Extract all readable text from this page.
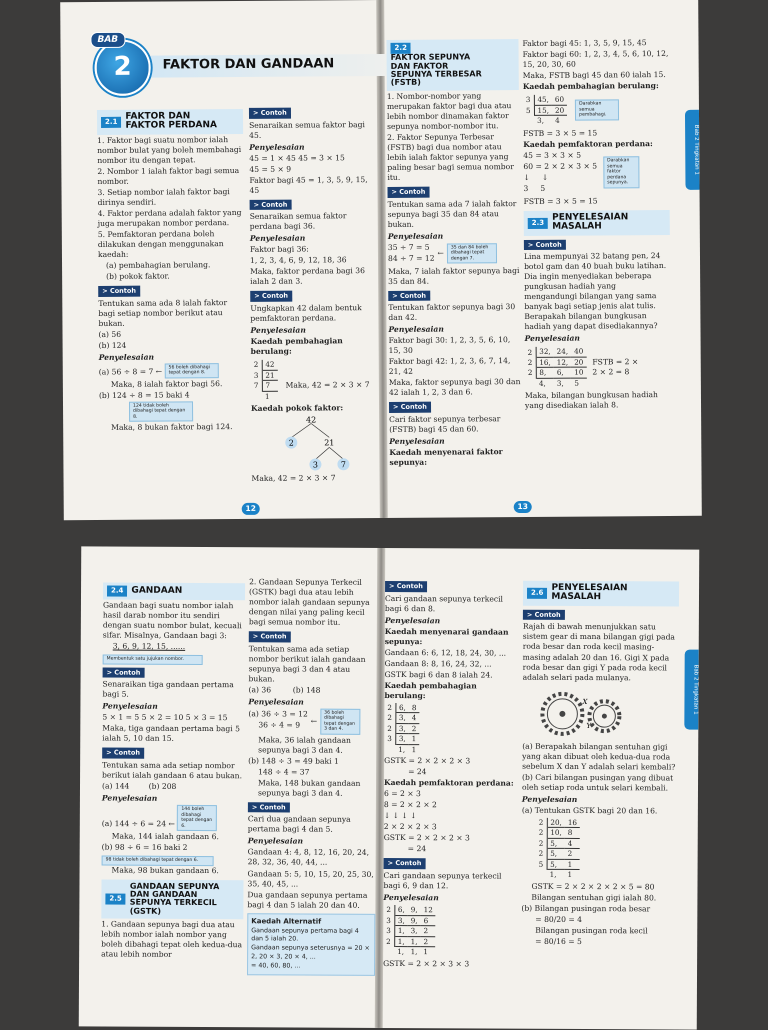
BAB
2	FAKTOR DAN GANDAAN
2.1 FAKTOR DAN FAKTOR PERDANA

1. Faktor bagi suatu nombor ialah nombor bulat yang boleh membahagi nombor itu dengan tepat.

2. Nombor 1 ialah faktor bagi semua nombor.

3. Setiap nombor ialah faktor bagi dirinya sendiri.

4. Faktor perdana adalah faktor yang juga merupakan nombor perdana.

5. Pemfaktoran perdana boleh dilakukan dengan menggunakan kaedah:

(a) pembahagian berulang.

(b) pokok faktor.

> Contoh

Tentukan sama ada 8 ialah faktor bagi setiap nombor berikut atau bukan.

(a) 56

(b) 124

Penyelesaian

(a) 56 ÷ 8 = 7 ← 56 boleh dibahagi tepat dengan 8.

Maka, 8 ialah faktor bagi 56.

(b) 124 ÷ 8 = 15 baki 4

124 tidak boleh dibahagi tepat dengan 8.

Maka, 8 bukan faktor bagi 124.

> Contoh

Senaraikan semua faktor bagi 45.

Penyelesaian

45 = 1 × 45 45 = 3 × 15

45 = 5 × 9

Faktor bagi 45 = 1, 3, 5, 9, 15, 45

> Contoh

Senaraikan semua faktor perdana bagi 36.

Penyelesaian

Faktor bagi 36:

1, 2, 3, 4, 6, 9, 12, 18, 36

Maka, faktor perdana bagi 36 ialah 2 dan 3.

> Contoh

Ungkapkan 42 dalam bentuk pemfaktoran perdana.

Penyelesaian

Kaedah pembahagian berulang:

2	42
3	21
7	7
	1
Maka, 42 = 2 × 3 × 7

Kaedah pokok faktor:

42
2	21
3	7

Maka, 42 = 2 × 3 × 7

12
2.2FAKTOR SEPUNYA DAN FAKTOR SEPUNYA TERBESAR (FSTB)

1. Nombor-nombor yang merupakan faktor bagi dua atau lebih nombor dinamakan faktor sepunya nombor-nombor itu.

2. Faktor Sepunya Terbesar (FSTB) bagi dua nombor atau lebih ialah faktor sepunya yang paling besar bagi semua nombor itu.

> Contoh

Tentukan sama ada 7 ialah faktor sepunya bagi 35 dan 84 atau bukan.

Penyelesaian

35 ÷ 7 = 5

84 ÷ 7 = 12

←
35 dan 84 boleh dibahagi tepat dengan 7.

Maka, 7 ialah faktor sepunya bagi 35 dan 84.

> Contoh

Tentukan faktor sepunya bagi 30 dan 42.

Penyelesaian

Faktor bagi 30: 1, 2, 3, 5, 6, 10, 15, 30

Faktor bagi 42: 1, 2, 3, 6, 7, 14, 21, 42

Maka, faktor sepunya bagi 30 dan 42 ialah 1, 2, 3 dan 6.

> Contoh

Cari faktor sepunya terbesar (FSTB) bagi 45 dan 60.

Penyelesaian

Kaedah menyenarai faktor sepunya:

Faktor bagi 45: 1, 3, 5, 9, 15, 45

Faktor bagi 60: 1, 2, 3, 4, 5, 6, 10, 12, 15, 20, 30, 60

Maka, FSTB bagi 45 dan 60 ialah 15.

Kaedah pembahagian berulang:

3	45,	60
5	15,	20
	3,	4
Darabkan semua pembahagi.

FSTB = 3 × 5 = 15

Kaedah pemfaktoran perdana:

45 = 3 × 3 × 5

60 = 2 × 2 × 3 × 5

↓     ↓

3     5

Darabkan semua faktor perdana sepunya.

FSTB = 3 × 5 = 15

2.3 PENYELESAIAN MASALAH
> Contoh

Lina mempunyai 32 batang pen, 24 botol gam dan 40 buah buku latihan. Dia ingin menyediakan beberapa pungkusan hadiah yang mengandungi bilangan yang sama banyak bagi setiap jenis alat tulis. Berapakah bilangan bungkusan hadiah yang dapat disediakannya?

Penyelesaian

2	32,	24,	40
2	16,	12,	20
2	8,	6,	10
	4,	3,	5
FSTB = 2 × 2 × 2 = 8

Maka, bilangan bungkusan hadiah yang disediakan ialah 8.

Bab 2 Tingkatan 1
13
2.4 GANDAAN

Gandaan bagi suatu nombor ialah hasil darab nombor itu sendiri dengan suatu nombor bulat, kecuali sifar. Misalnya, Gandaan bagi 3:

3, 6, 9, 12, 15, ......

Membentuk satu jujukan nombor.
> Contoh

Senaraikan tiga gandaan pertama bagi 5.

Penyelesaian

5 × 1 = 5 5 × 2 = 10 5 × 3 = 15

Maka, tiga gandaan pertama bagi 5 ialah 5, 10 dan 15.

> Contoh

Tentukan sama ada setiap nombor berikut ialah gandaan 6 atau bukan.

(a) 144	(b) 208

Penyelesaian

(a) 144 ÷ 6 = 24 ← 144 boleh dibahagi tepat dengan 6.

Maka, 144 ialah gandaan 6.

(b) 98 ÷ 6 = 16 baki 2

98 tidak boleh dibahagi tepat dengan 6.

Maka, 98 bukan gandaan 6.

2.5GANDAAN SEPUNYA DAN GANDAAN SEPUNYA TERKECIL (GSTK)

1. Gandaan sepunya bagi dua atau lebih nombor ialah nombor yang boleh dibahagi tepat oleh kedua-dua atau lebih nombor

2. Gandaan Sepunya Terkecil (GSTK) bagi dua atau lebih nombor ialah gandaan sepunya dengan nilai yang paling kecil bagi semua nombor itu.

> Contoh

Tentukan sama ada setiap nombor berikut ialah gandaan sepunya bagi 3 dan 4 atau bukan.

(a) 36	(b) 148

Penyelesaian

(a) 36 ÷ 3 = 12

36 ÷ 4 = 9	←
36 boleh dibahagi tepat dengan 3 dan 4.

Maka, 36 ialah gandaan sepunya bagi 3 dan 4.

(b) 148 ÷ 3 = 49 baki 1

148 ÷ 4 = 37

Maka, 148 bukan gandaan sepunya bagi 3 dan 4.

> Contoh

Cari dua gandaan sepunya pertama bagi 4 dan 5.

Penyelesaian

Gandaan 4: 4, 8, 12, 16, 20, 24, 28, 32, 36, 40, 44, ...

Gandaan 5: 5, 10, 15, 20, 25, 30, 35, 40, 45, ...

Dua gandaan sepunya pertama bagi 4 dan 5 ialah 20 dan 40.

Kaedah Alternatif

Gandaan sepunya pertama bagi 4 dan 5 ialah 20.

Gandaan sepunya seterusnya = 20 × 2, 20 × 3, 20 × 4, ...

= 40, 60, 80, ...

> Contoh

Cari gandaan sepunya terkecil bagi 6 dan 8.

Penyelesaian

Kaedah menyenarai gandaan sepunya:

Gandaan 6: 6, 12, 18, 24, 30, ...

Gandaan 8: 8, 16, 24, 32, ...

GSTK bagi 6 dan 8 ialah 24.

Kaedah pembahagian berulang:

2	6,	8
2	3,	4
2	3,	2
3	3,	1
	1,	1

GSTK = 2 × 2 × 2 × 3

= 24

Kaedah pemfaktoran perdana:

6 = 2 × 3

8 = 2 × 2 × 2

↓ ↓ ↓ ↓

2 × 2 × 2 × 3

GSTK = 2 × 2 × 2 × 3

= 24

> Contoh

Cari gandaan sepunya terkecil bagi 6, 9 dan 12.

Penyelesaian

2	6,	9,	12
3	3,	9,	6
3	1,	3,	2
2	1,	1,	2
	1,	1,	1

GSTK = 2 × 2 × 3 × 3

2.6 PENYELESAIAN MASALAH
> Contoh

Rajah di bawah menunjukkan satu sistem gear di mana bilangan gigi pada roda besar dan roda kecil masing-masing adalah 20 dan 16. Gigi X pada roda besar dan gigi Y pada roda kecil adalah selari pada mulanya.

X
Y

(a) Berapakah bilangan sentuhan gigi yang akan dibuat oleh kedua-dua roda sebelum X dan Y adalah selari kembali?

(b) Cari bilangan pusingan yang dibuat oleh setiap roda untuk selari kembali.

Penyelesaian

(a) Tentukan GSTK bagi 20 dan 16.

2	20,	16
2	10,	8
2	5,	4
2	5,	2
5	5,	1
	1,	1

GSTK = 2 × 2 × 2 × 2 × 5 = 80

Bilangan sentuhan gigi ialah 80.

(b) Bilangan pusingan roda besar

= 80/20 = 4

Bilangan pusingan roda kecil

= 80/16 = 5

Bab 2 Tingkatan 1
